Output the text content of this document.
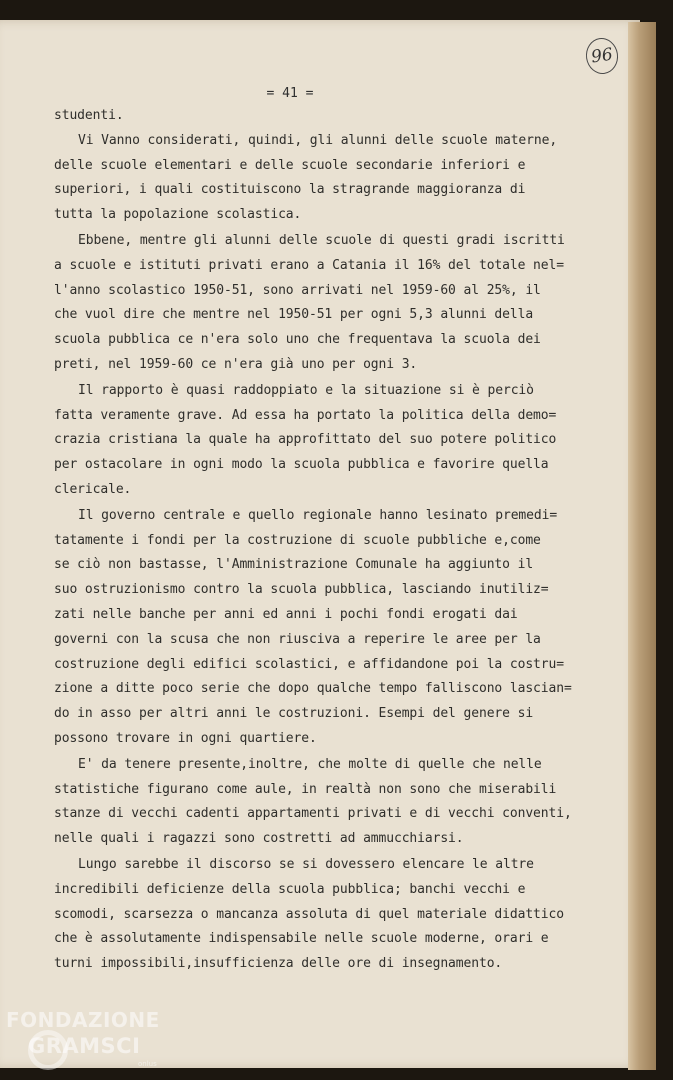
96
= 41 =
studenti.
Vi Vanno considerati, quindi, gli alunni delle scuole materne,
delle scuole elementari e delle scuole secondarie inferiori e
superiori, i quali costituiscono la stragrande maggioranza di
tutta la popolazione scolastica.
Ebbene, mentre gli alunni delle scuole di questi gradi iscritti
a scuole e istituti privati erano a Catania il 16% del totale nel=
l'anno scolastico 1950-51, sono arrivati nel 1959-60 al 25%, il
che vuol dire che mentre nel 1950-51 per ogni 5,3 alunni della
scuola pubblica ce n'era solo uno che frequentava la scuola dei
preti, nel 1959-60 ce n'era già uno per ogni 3.
Il rapporto è quasi raddoppiato e la situazione si è perciò
fatta veramente grave. Ad essa ha portato la politica della demo=
crazia cristiana la quale ha approfittato del suo potere politico
per ostacolare in ogni modo la scuola pubblica e favorire quella
clericale.
Il governo centrale e quello regionale hanno lesinato premedi=
tatamente i fondi per la costruzione di scuole pubbliche e,come
se ciò non bastasse, l'Amministrazione Comunale ha aggiunto il
suo ostruzionismo contro la scuola pubblica, lasciando inutiliz=
zati nelle banche per anni ed anni i pochi fondi erogati dai
governi con la scusa che non riusciva a reperire le aree per la
costruzione degli edifici scolastici, e affidandone poi la costru=
zione a ditte poco serie che dopo qualche tempo falliscono lascian=
do in asso per altri anni le costruzioni. Esempi del genere si
possono trovare in ogni quartiere.
E' da tenere presente,inoltre, che molte di quelle che nelle
statistiche figurano come aule, in realtà non sono che miserabili
stanze di vecchi cadenti appartamenti privati e di vecchi conventi,
nelle quali i ragazzi sono costretti ad ammucchiarsi.
Lungo sarebbe il discorso se si dovessero elencare le altre
incredibili deficienze della scuola pubblica; banchi vecchi e
scomodi, scarsezza o mancanza assoluta di quel materiale didattico
che è assolutamente indispensabile nelle scuole moderne, orari e
turni impossibili,insufficienza delle ore di insegnamento.
FONDAZIONE
GRAMSCI
onlus
